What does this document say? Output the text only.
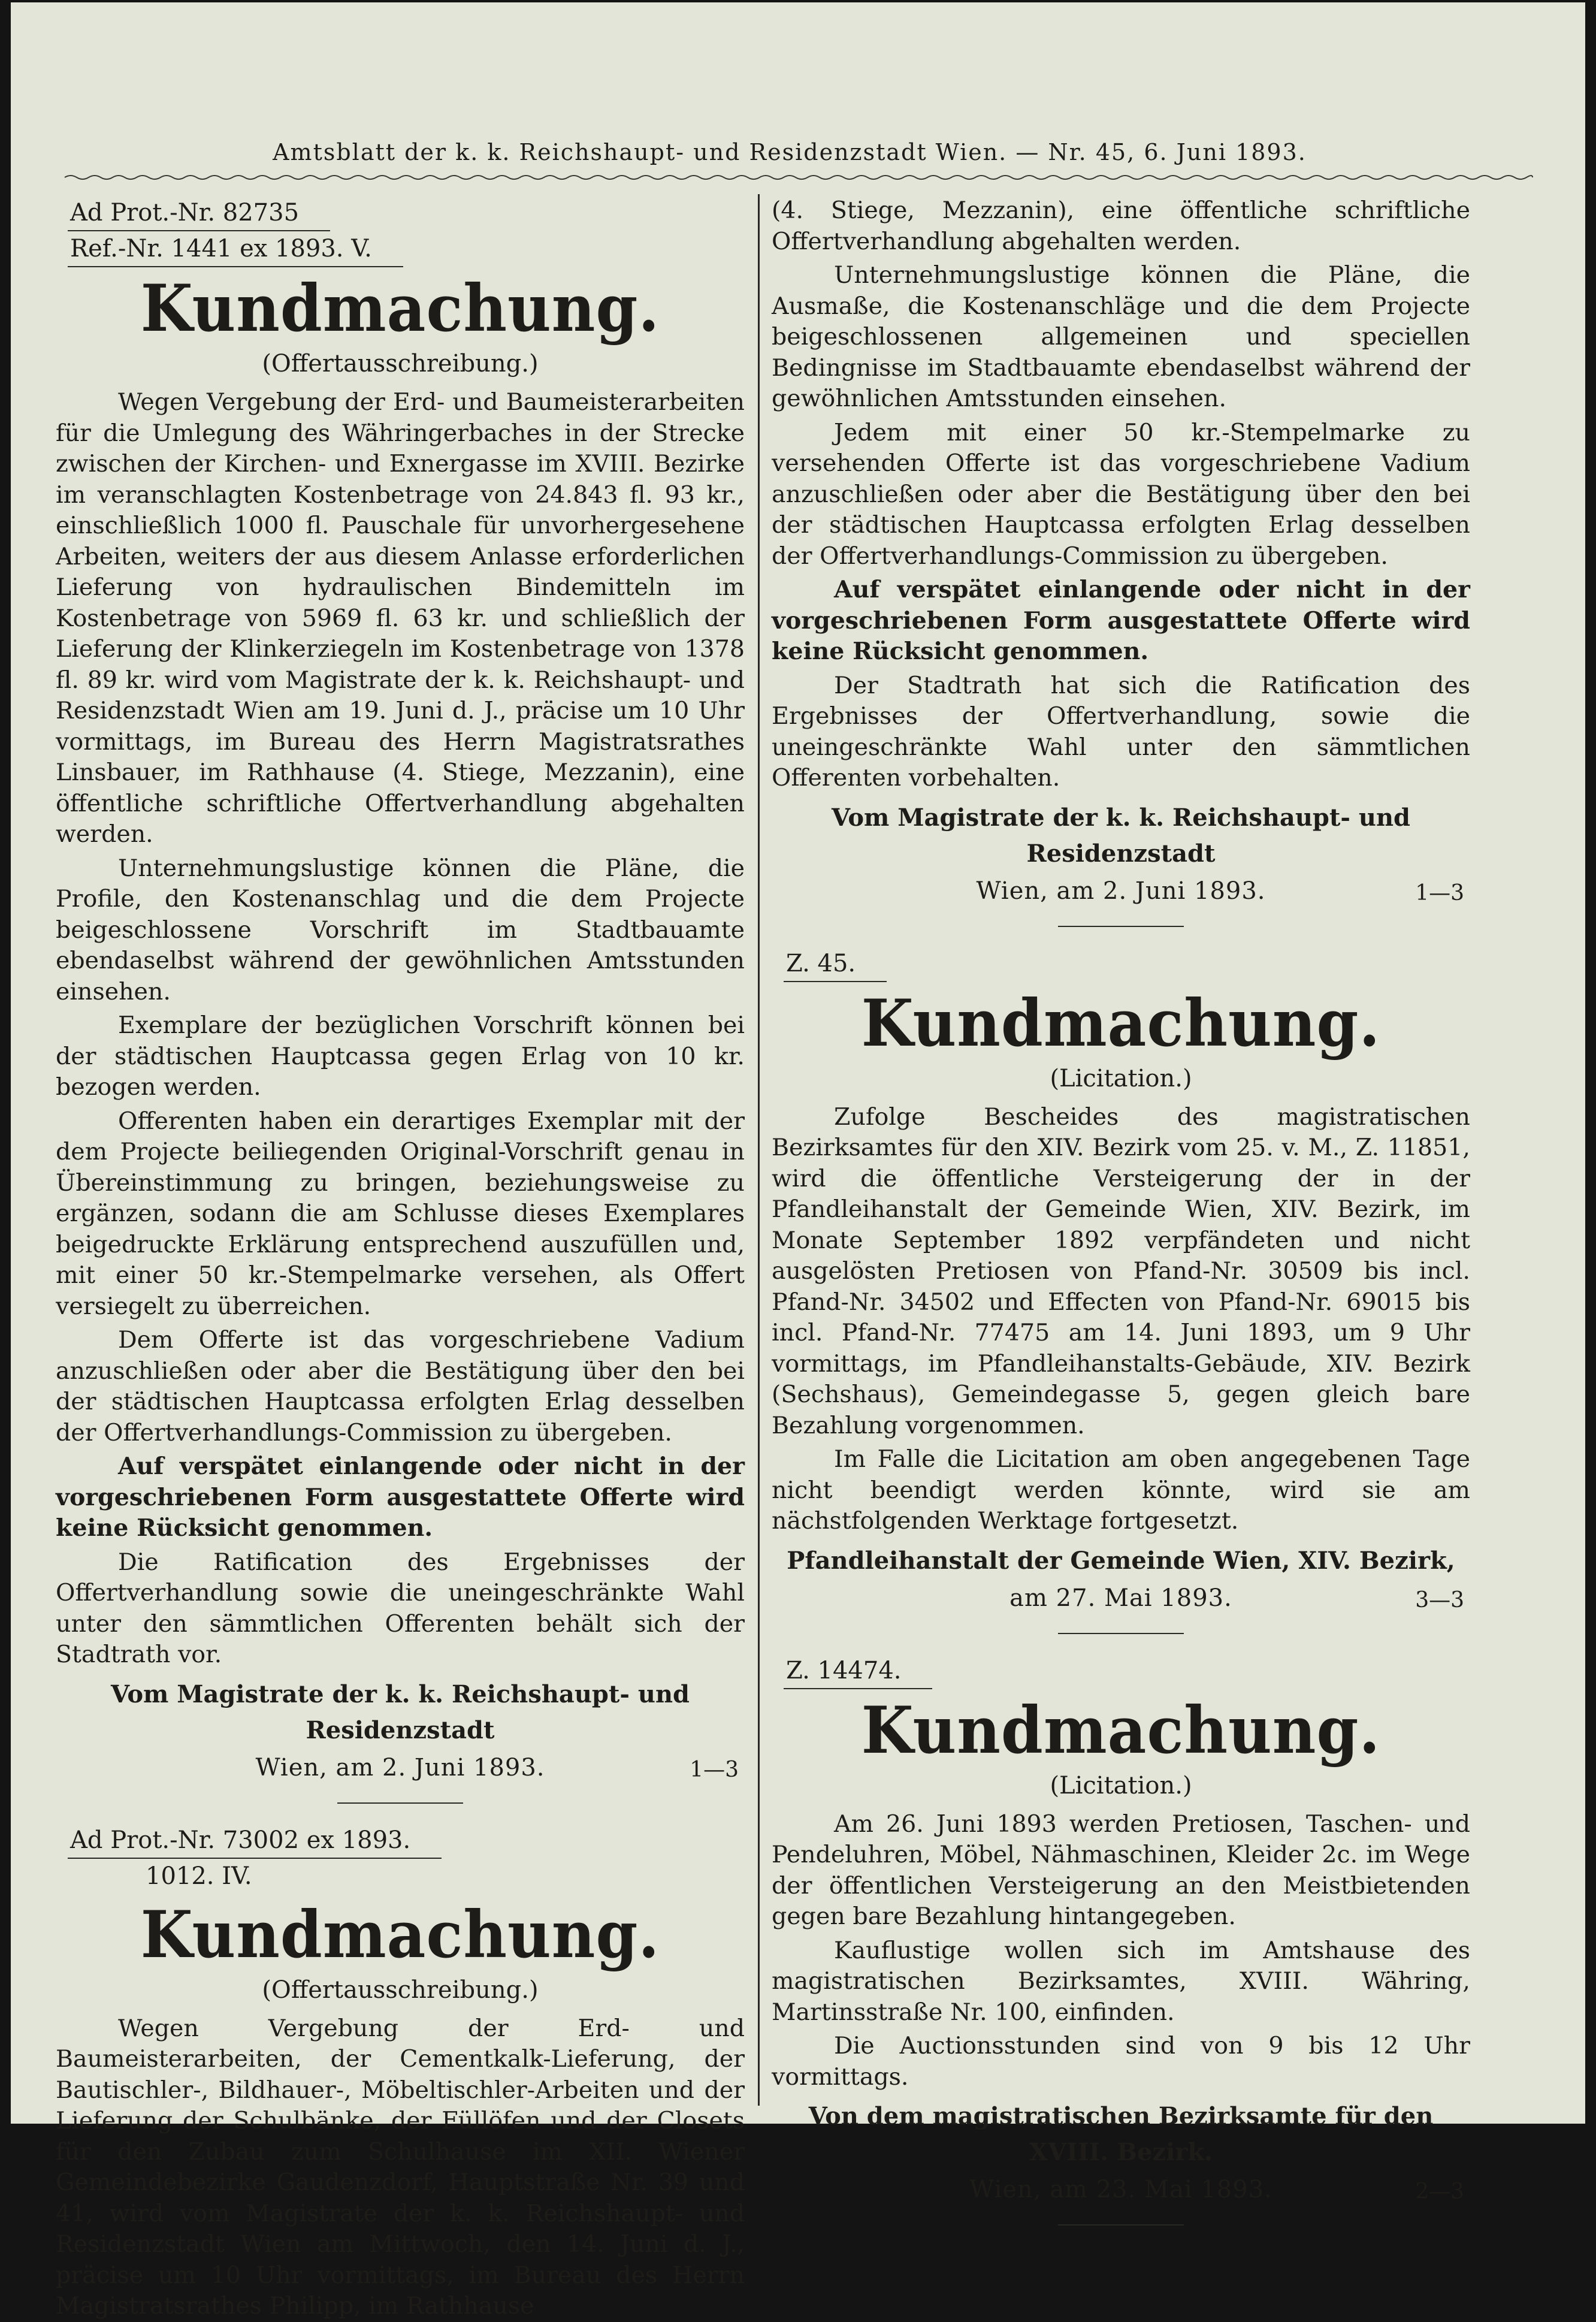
Amtsblatt der k. k. Reichshaupt- und Residenzstadt Wien. — Nr. 45, 6. Juni 1893.
Ad Prot.-Nr. 82735
Ref.-Nr. 1441 ex 1893. V.
Kundmachung.
(Offertausschreibung.)

Wegen Vergebung der Erd- und Baumeisterarbeiten für die Umlegung des Währingerbaches in der Strecke zwischen der Kirchen- und Exnergasse im XVIII. Bezirke im veranschlagten Kostenbetrage von 24.843 fl. 93 kr., einschließlich 1000 fl. Pauschale für unvorhergesehene Arbeiten, weiters der aus diesem Anlasse erforderlichen Lieferung von hydraulischen Bindemitteln im Kostenbetrage von 5969 fl. 63 kr. und schließlich der Lieferung der Klinkerziegeln im Kostenbetrage von 1378 fl. 89 kr. wird vom Magistrate der k. k. Reichshaupt- und Residenzstadt Wien am 19. Juni d. J., präcise um 10 Uhr vormittags, im Bureau des Herrn Magistratsrathes Linsbauer, im Rathhause (4. Stiege, Mezzanin), eine öffentliche schriftliche Offertverhandlung abgehalten werden.

Unternehmungslustige können die Pläne, die Profile, den Kostenanschlag und die dem Projecte beigeschlossene Vorschrift im Stadtbauamte ebendaselbst während der gewöhnlichen Amtsstunden einsehen.

Exemplare der bezüglichen Vorschrift können bei der städtischen Hauptcassa gegen Erlag von 10 kr. bezogen werden.

Offerenten haben ein derartiges Exemplar mit der dem Projecte beiliegenden Original-Vorschrift genau in Übereinstimmung zu bringen, beziehungsweise zu ergänzen, sodann die am Schlusse dieses Exemplares beigedruckte Erklärung entsprechend auszufüllen und, mit einer 50 kr.-Stempelmarke versehen, als Offert versiegelt zu überreichen.

Dem Offerte ist das vorgeschriebene Vadium anzuschließen oder aber die Bestätigung über den bei der städtischen Hauptcassa erfolgten Erlag desselben der Offertverhandlungs-Commission zu übergeben.

Auf verspätet einlangende oder nicht in der vorgeschriebenen Form ausgestattete Offerte wird keine Rücksicht genommen.

Die Ratification des Ergebnisses der Offertverhandlung sowie die uneingeschränkte Wahl unter den sämmtlichen Offerenten behält sich der Stadtrath vor.

Vom Magistrate der k. k. Reichshaupt- und Residenzstadt
Wien, am 2. Juni 1893.	1—3
Ad Prot.-Nr. 73002 ex 1893.
1012. IV.
Kundmachung.
(Offertausschreibung.)

Wegen Vergebung der Erd- und Baumeisterarbeiten, der Cementkalk-Lieferung, der Bautischler-, Bildhauer-, Möbeltischler-Arbeiten und der Lieferung der Schulbänke, der Füllöfen und der Closets für den Zubau zum Schulhause im XII. Wiener Gemeindebezirke Gaudenzdorf, Hauptstraße Nr. 39 und 41, wird vom Magistrate der k. k. Reichshaupt- und Residenzstadt Wien am Mittwoch, den 14. Juni d. J., präcise um 10 Uhr vormittags, im Bureau des Herrn Magistratsrathes Philipp, im Rathhause

(4. Stiege, Mezzanin), eine öffentliche schriftliche Offertverhandlung abgehalten werden.

Unternehmungslustige können die Pläne, die Ausmaße, die Kostenanschläge und die dem Projecte beigeschlossenen allgemeinen und speciellen Bedingnisse im Stadtbauamte ebendaselbst während der gewöhnlichen Amtsstunden einsehen.

Jedem mit einer 50 kr.-Stempelmarke zu versehenden Offerte ist das vorgeschriebene Vadium anzuschließen oder aber die Bestätigung über den bei der städtischen Hauptcassa erfolgten Erlag desselben der Offertverhandlungs-Commission zu übergeben.

Auf verspätet einlangende oder nicht in der vorgeschriebenen Form ausgestattete Offerte wird keine Rücksicht genommen.

Der Stadtrath hat sich die Ratification des Ergebnisses der Offertverhandlung, sowie die uneingeschränkte Wahl unter den sämmtlichen Offerenten vorbehalten.

Vom Magistrate der k. k. Reichshaupt- und Residenzstadt
Wien, am 2. Juni 1893.	1—3
Z. 45.
Kundmachung.
(Licitation.)

Zufolge Bescheides des magistratischen Bezirksamtes für den XIV. Bezirk vom 25. v. M., Z. 11851, wird die öffentliche Versteigerung der in der Pfandleihanstalt der Gemeinde Wien, XIV. Bezirk, im Monate September 1892 verpfändeten und nicht ausgelösten Pretiosen von Pfand-Nr. 30509 bis incl. Pfand-Nr. 34502 und Effecten von Pfand-Nr. 69015 bis incl. Pfand-Nr. 77475 am 14. Juni 1893, um 9 Uhr vormittags, im Pfandleihanstalts-Gebäude, XIV. Bezirk (Sechshaus), Gemeindegasse 5, gegen gleich bare Bezahlung vorgenommen.

Im Falle die Licitation am oben angegebenen Tage nicht beendigt werden könnte, wird sie am nächstfolgenden Werktage fortgesetzt.

Pfandleihanstalt der Gemeinde Wien, XIV. Bezirk,
am 27. Mai 1893.	3—3
Z. 14474.
Kundmachung.
(Licitation.)

Am 26. Juni 1893 werden Pretiosen, Taschen- und Pendeluhren, Möbel, Nähmaschinen, Kleider 2c. im Wege der öffentlichen Versteigerung an den Meistbietenden gegen bare Bezahlung hintangegeben.

Kauflustige wollen sich im Amtshause des magistratischen Bezirksamtes, XVIII. Währing, Martinsstraße Nr. 100, einfinden.

Die Auctionsstunden sind von 9 bis 12 Uhr vormittags.

Von dem magistratischen Bezirksamte für den XVIII. Bezirk.
Wien, am 23. Mai 1893.	2—3
